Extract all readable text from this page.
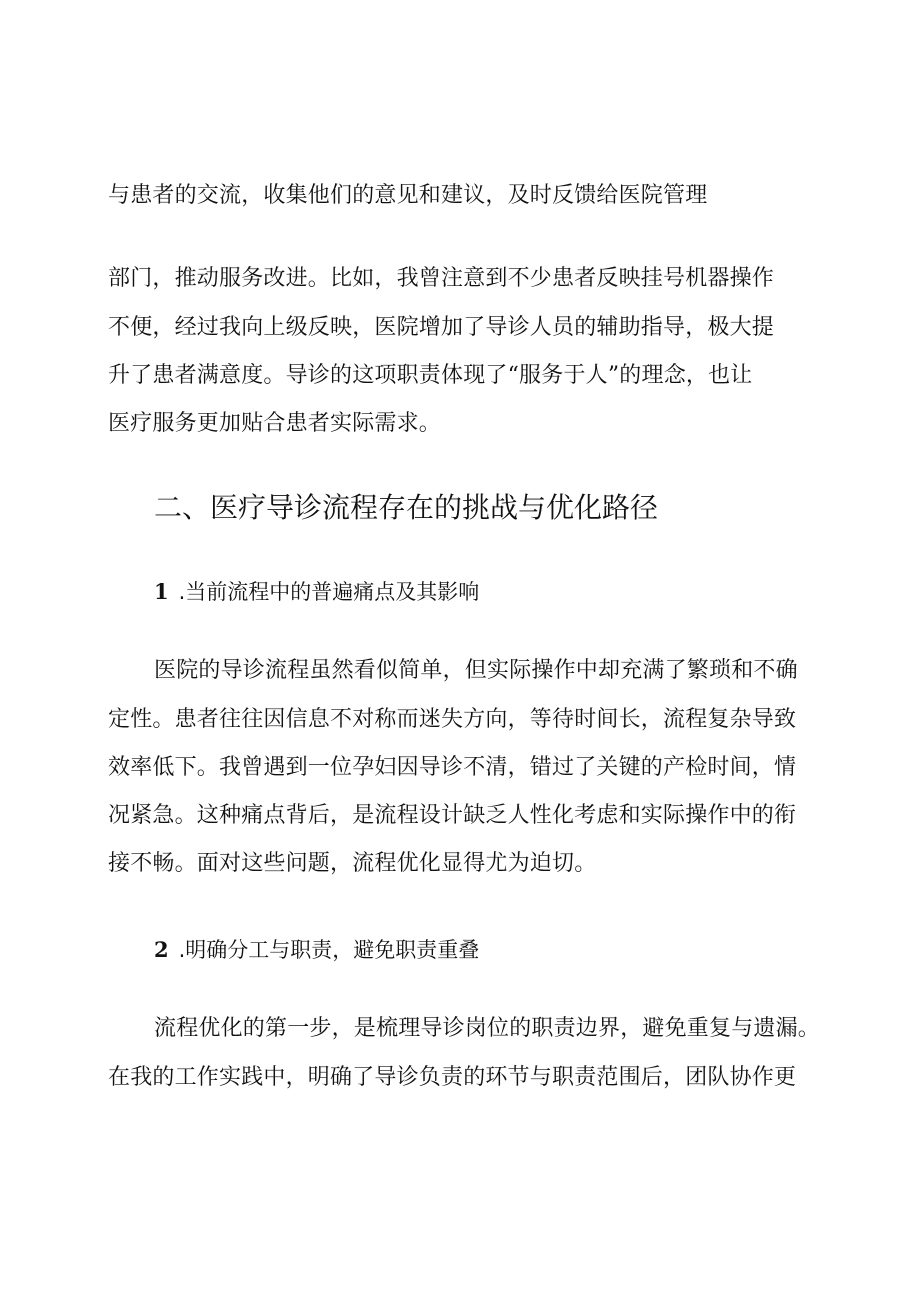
与患者的交流，收集他们的意见和建议，及时反馈给医院管理
部门，推动服务改进。比如，我曾注意到不少患者反映挂号机器操作
不便，经过我向上级反映，医院增加了导诊人员的辅助指导，极大提
升了患者满意度。导诊的这项职责体现了“服务于人”的理念，也让
医疗服务更加贴合患者实际需求。
二、医疗导诊流程存在的挑战与优化路径
1 .当前流程中的普遍痛点及其影响
医院的导诊流程虽然看似简单，但实际操作中却充满了繁琐和不确
定性。患者往往因信息不对称而迷失方向，等待时间长，流程复杂导致
效率低下。我曾遇到一位孕妇因导诊不清，错过了关键的产检时间，情
况紧急。这种痛点背后，是流程设计缺乏人性化考虑和实际操作中的衔
接不畅。面对这些问题，流程优化显得尤为迫切。
2 .明确分工与职责，避免职责重叠
流程优化的第一步，是梳理导诊岗位的职责边界，避免重复与遗漏。
在我的工作实践中，明确了导诊负责的环节与职责范围后，团队协作更
